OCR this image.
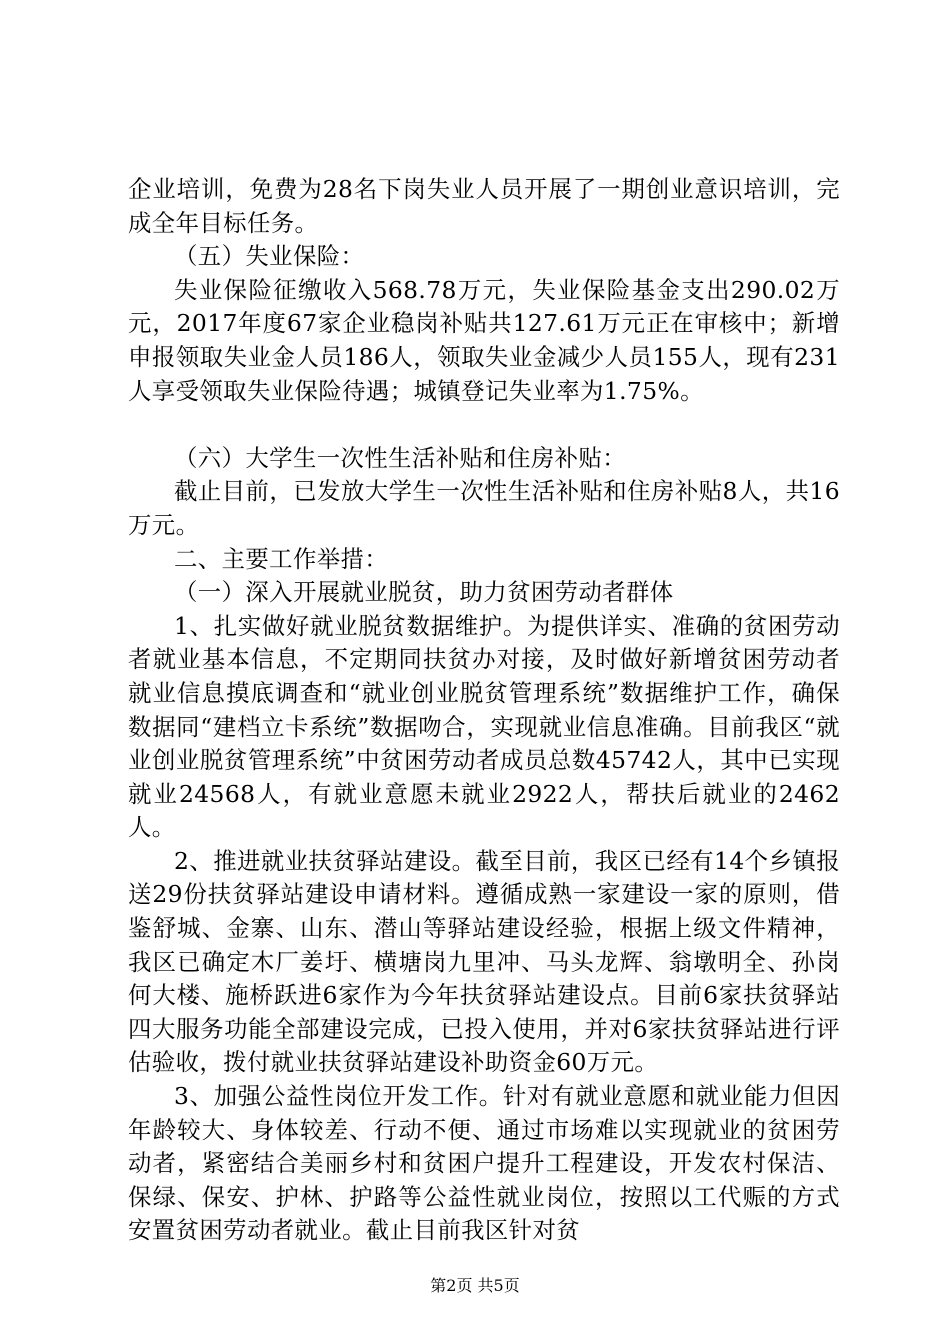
企业培训，免费为28名下岗失业人员开展了一期创业意识培训，完成全年目标任务。

（五）失业保险：

失业保险征缴收入568.78万元，失业保险基金支出290.02万元，2017年度67家企业稳岗补贴共127.61万元正在审核中；新增申报领取失业金人员186人，领取失业金减少人员155人，现有231人享受领取失业保险待遇；城镇登记失业率为1.75%。

（六）大学生一次性生活补贴和住房补贴：

截止目前，已发放大学生一次性生活补贴和住房补贴8人，共16万元。

二、主要工作举措：

（一）深入开展就业脱贫，助力贫困劳动者群体

1、扎实做好就业脱贫数据维护。为提供详实、准确的贫困劳动者就业基本信息，不定期同扶贫办对接，及时做好新增贫困劳动者就业信息摸底调查和“就业创业脱贫管理系统”数据维护工作，确保数据同“建档立卡系统”数据吻合，实现就业信息准确。目前我区“就业创业脱贫管理系统”中贫困劳动者成员总数45742人，其中已实现就业24568人，有就业意愿未就业2922人，帮扶后就业的2462人。

2、推进就业扶贫驿站建设。截至目前，我区已经有14个乡镇报送29份扶贫驿站建设申请材料。遵循成熟一家建设一家的原则，借鉴舒城、金寨、山东、潜山等驿站建设经验，根据上级文件精神，我区已确定木厂姜圩、横塘岗九里冲、马头龙辉、翁墩明全、孙岗何大楼、施桥跃进6家作为今年扶贫驿站建设点。目前6家扶贫驿站四大服务功能全部建设完成，已投入使用，并对6家扶贫驿站进行评估验收，拨付就业扶贫驿站建设补助资金60万元。

3、加强公益性岗位开发工作。针对有就业意愿和就业能力但因年龄较大、身体较差、行动不便、通过市场难以实现就业的贫困劳动者，紧密结合美丽乡村和贫困户提升工程建设，开发农村保洁、保绿、保安、护林、护路等公益性就业岗位，按照以工代赈的方式安置贫困劳动者就业。截止目前我区针对贫

第2页 共5页
